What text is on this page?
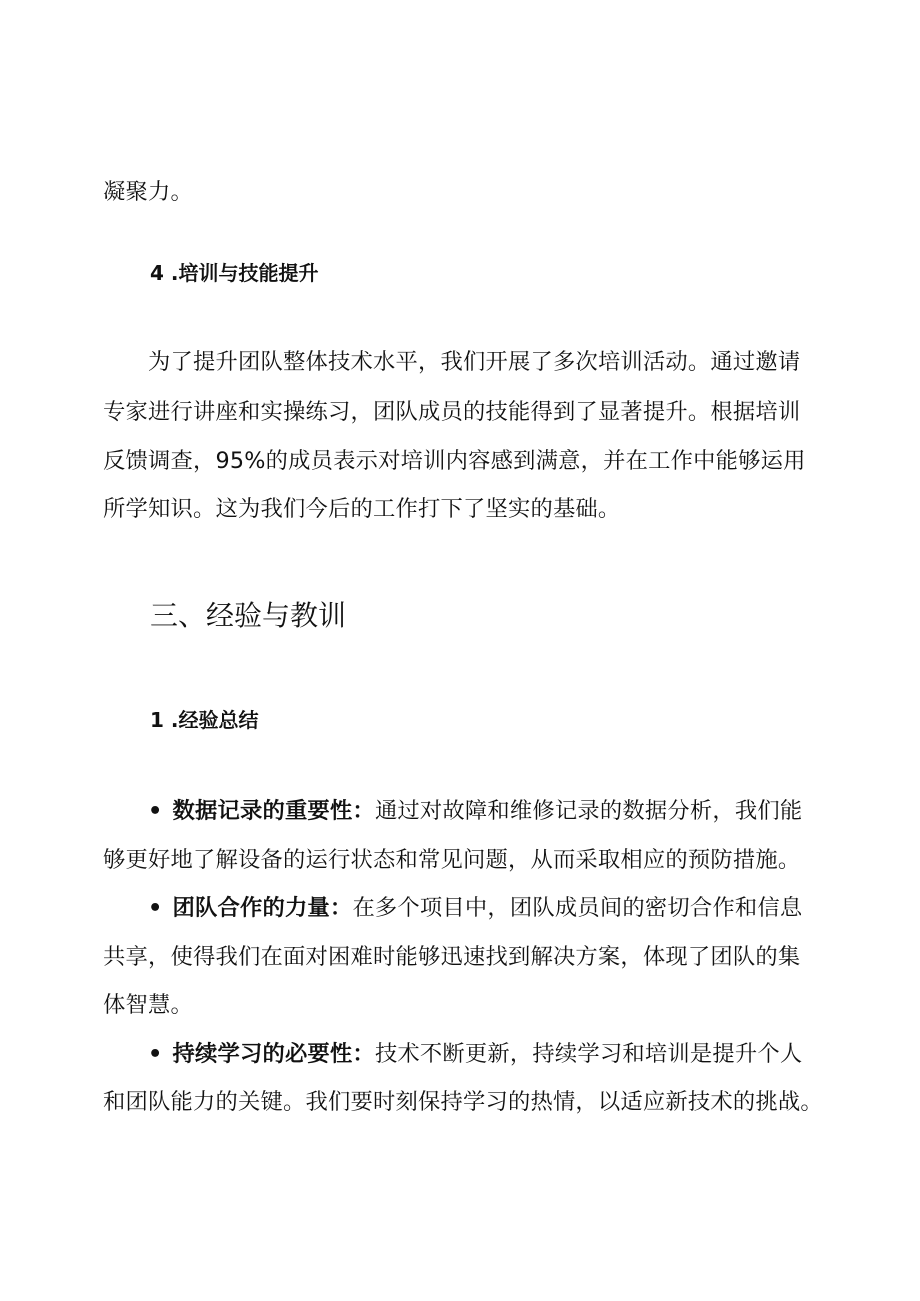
凝聚力。
4 .培训与技能提升
为了提升团队整体技术水平，我们开展了多次培训活动。通过邀请
专家进行讲座和实操练习，团队成员的技能得到了显著提升。根据培训
反馈调查，95%的成员表示对培训内容感到满意，并在工作中能够运用
所学知识。这为我们今后的工作打下了坚实的基础。
三、经验与教训
1 .经验总结
• 数据记录的重要性：通过对故障和维修记录的数据分析，我们能
够更好地了解设备的运行状态和常见问题，从而采取相应的预防措施。
• 团队合作的力量：在多个项目中，团队成员间的密切合作和信息
共享，使得我们在面对困难时能够迅速找到解决方案，体现了团队的集
体智慧。
• 持续学习的必要性：技术不断更新，持续学习和培训是提升个人
和团队能力的关键。我们要时刻保持学习的热情，以适应新技术的挑战。
